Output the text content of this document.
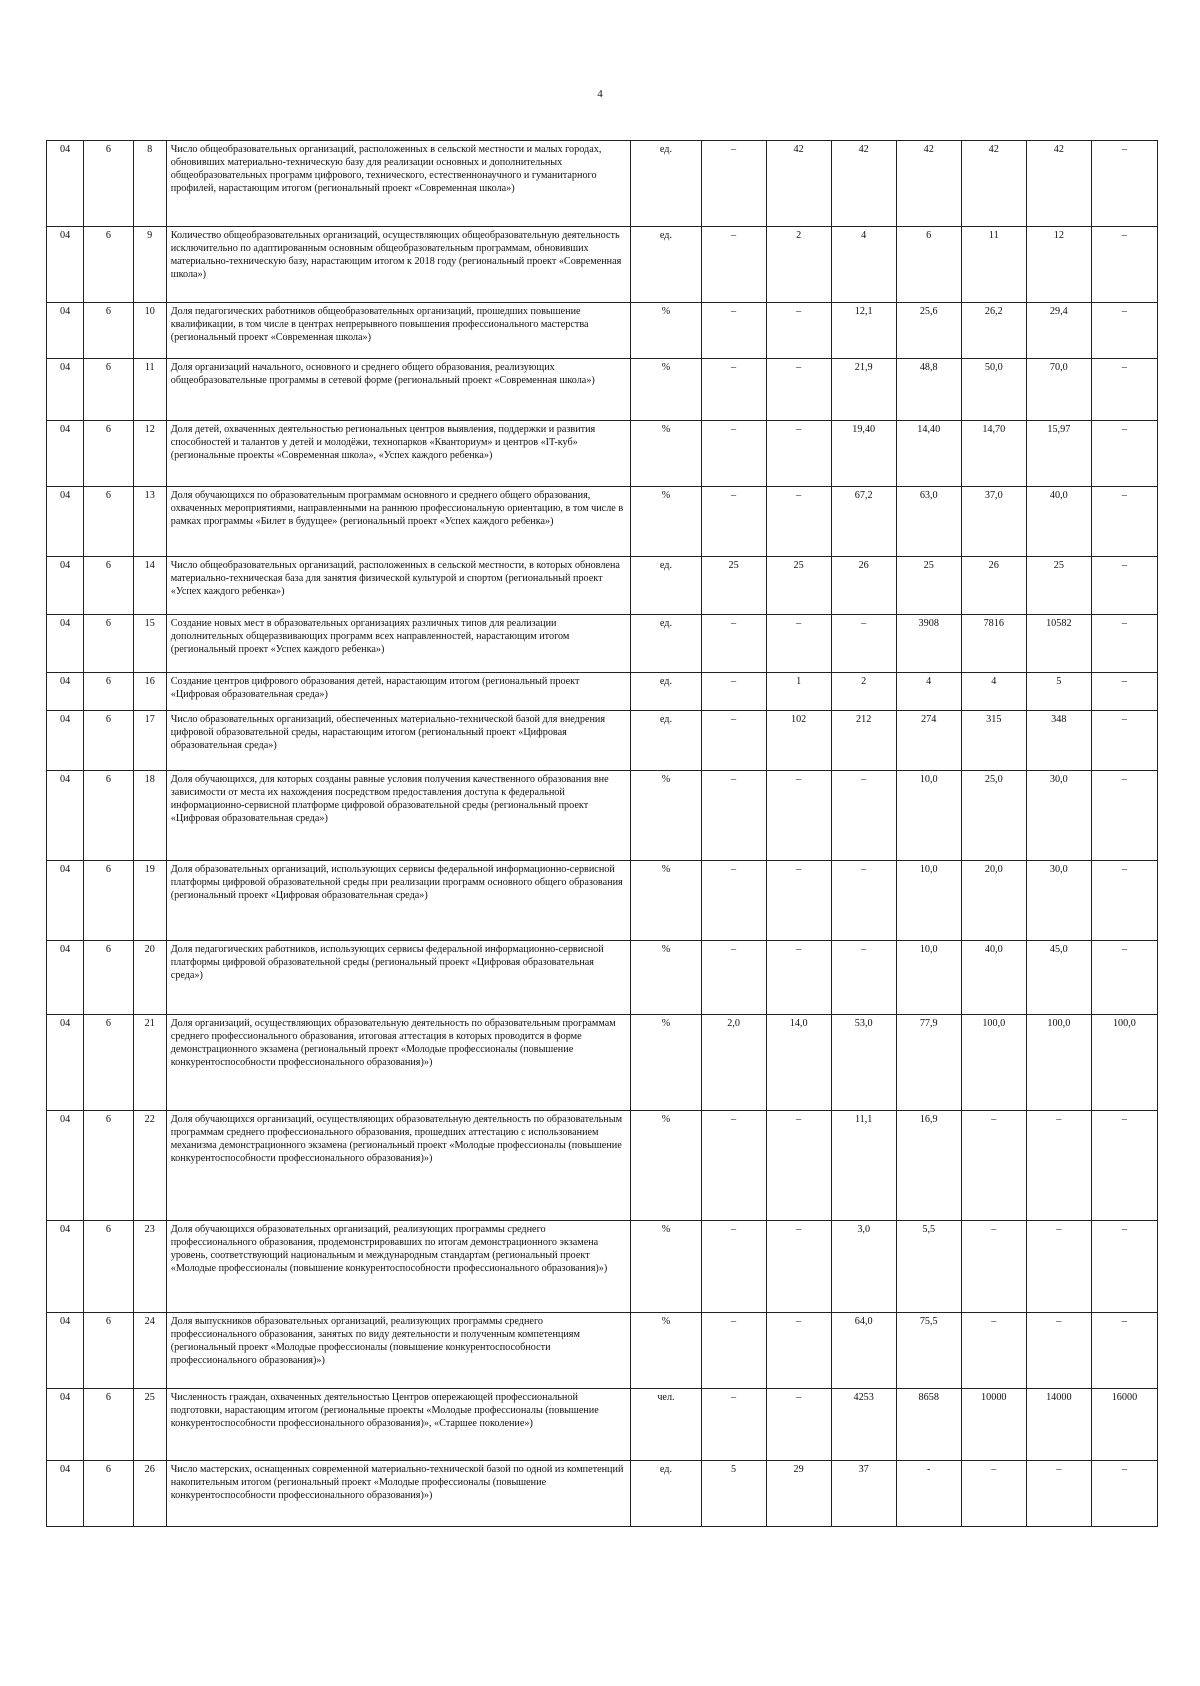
4
04	6	8	Число общеобразовательных организаций, расположенных в сельской местности и малых городах, обновивших материально-техническую базу для реализации основных и дополнительных общеобразовательных программ цифрового, технического, естественнонаучного и гуманитарного профилей, нарастающим итогом (региональный проект «Современная школа»)	ед.	–	42	42	42	42	42	–
04	6	9	Количество общеобразовательных организаций, осуществляющих общеобразовательную деятельность исключительно по адаптированным основным общеобразовательным программам, обновивших материально-техническую базу, нарастающим итогом к 2018 году (региональный проект «Современная школа»)	ед.	–	2	4	6	11	12	–
04	6	10	Доля педагогических работников общеобразовательных организаций, прошедших повышение квалификации, в том числе в центрах непрерывного повышения профессионального мастерства (региональный проект «Современная школа»)	%	–	–	12,1	25,6	26,2	29,4	–
04	6	11	Доля организаций начального, основного и среднего общего образования, реализующих общеобразовательные программы в сетевой форме (региональный проект «Современная школа»)	%	–	–	21,9	48,8	50,0	70,0	–
04	6	12	Доля детей, охваченных деятельностью региональных центров выявления, поддержки и развития способностей и талантов у детей и молодёжи, технопарков «Кванториум» и центров «IT-куб» (региональные проекты «Современная школа», «Успех каждого ребенка»)	%	–	–	19,40	14,40	14,70	15,97	–
04	6	13	Доля обучающихся по образовательным программам основного и среднего общего образования, охваченных мероприятиями, направленными на раннюю профессиональную ориентацию, в том числе в рамках программы «Билет в будущее» (региональный проект «Успех каждого ребенка»)	%	–	–	67,2	63,0	37,0	40,0	–
04	6	14	Число общеобразовательных организаций, расположенных в сельской местности, в которых обновлена материально-техническая база для занятия физической культурой и спортом (региональный проект «Успех каждого ребенка»)	ед.	25	25	26	25	26	25	–
04	6	15	Создание новых мест в образовательных организациях различных типов для реализации дополнительных общеразвивающих программ всех направленностей, нарастающим итогом (региональный проект «Успех каждого ребенка»)	ед.	–	–	–	3908	7816	10582	–
04	6	16	Создание центров цифрового образования детей, нарастающим итогом (региональный проект «Цифровая образовательная среда»)	ед.	–	1	2	4	4	5	–
04	6	17	Число образовательных организаций, обеспеченных материально-технической базой для внедрения цифровой образовательной среды, нарастающим итогом (региональный проект «Цифровая образовательная среда»)	ед.	–	102	212	274	315	348	–
04	6	18	Доля обучающихся, для которых созданы равные условия получения качественного образования вне зависимости от места их нахождения посредством предоставления доступа к федеральной информационно-сервисной платформе цифровой образовательной среды (региональный проект «Цифровая образовательная среда»)	%	–	–	–	10,0	25,0	30,0	–
04	6	19	Доля образовательных организаций, использующих сервисы федеральной информационно-сервисной платформы цифровой образовательной среды при реализации программ основного общего образования (региональный проект «Цифровая образовательная среда»)	%	–	–	–	10,0	20,0	30,0	–
04	6	20	Доля педагогических работников, использующих сервисы федеральной информационно-сервисной платформы цифровой образовательной среды (региональный проект «Цифровая образовательная среда»)	%	–	–	–	10,0	40,0	45,0	–
04	6	21	Доля организаций, осуществляющих образовательную деятельность по образовательным программам среднего профессионального образования, итоговая аттестация в которых проводится в форме демонстрационного экзамена (региональный проект «Молодые профессионалы (повышение конкурентоспособности профессионального образования)»)	%	2,0	14,0	53,0	77,9	100,0	100,0	100,0
04	6	22	Доля обучающихся организаций, осуществляющих образовательную деятельность по образовательным программам среднего профессионального образования, прошедших аттестацию с использованием механизма демонстрационного экзамена (региональный проект «Молодые профессионалы (повышение конкурентоспособности профессионального образования)»)	%	–	–	11,1	16,9	–	–	–
04	6	23	Доля обучающихся образовательных организаций, реализующих программы среднего профессионального образования, продемонстрировавших по итогам демонстрационного экзамена уровень, соответствующий национальным и международным стандартам (региональный проект «Молодые профессионалы (повышение конкурентоспособности профессионального образования)»)	%	–	–	3,0	5,5	–	–	–
04	6	24	Доля выпускников образовательных организаций, реализующих программы среднего профессионального образования, занятых по виду деятельности и полученным компетенциям (региональный проект «Молодые профессионалы (повышение конкурентоспособности профессионального образования)»)	%	–	–	64,0	75,5	–	–	–
04	6	25	Численность граждан, охваченных деятельностью Центров опережающей профессиональной подготовки, нарастающим итогом (региональные проекты «Молодые профессионалы (повышение конкурентоспособности профессионального образования)», «Старшее поколение»)	чел.	–	–	4253	8658	10000	14000	16000
04	6	26	Число мастерских, оснащенных современной материально-технической базой по одной из компетенций накопительным итогом (региональный проект «Молодые профессионалы (повышение конкурентоспособности профессионального образования)»)	ед.	5	29	37	-	–	–	–
